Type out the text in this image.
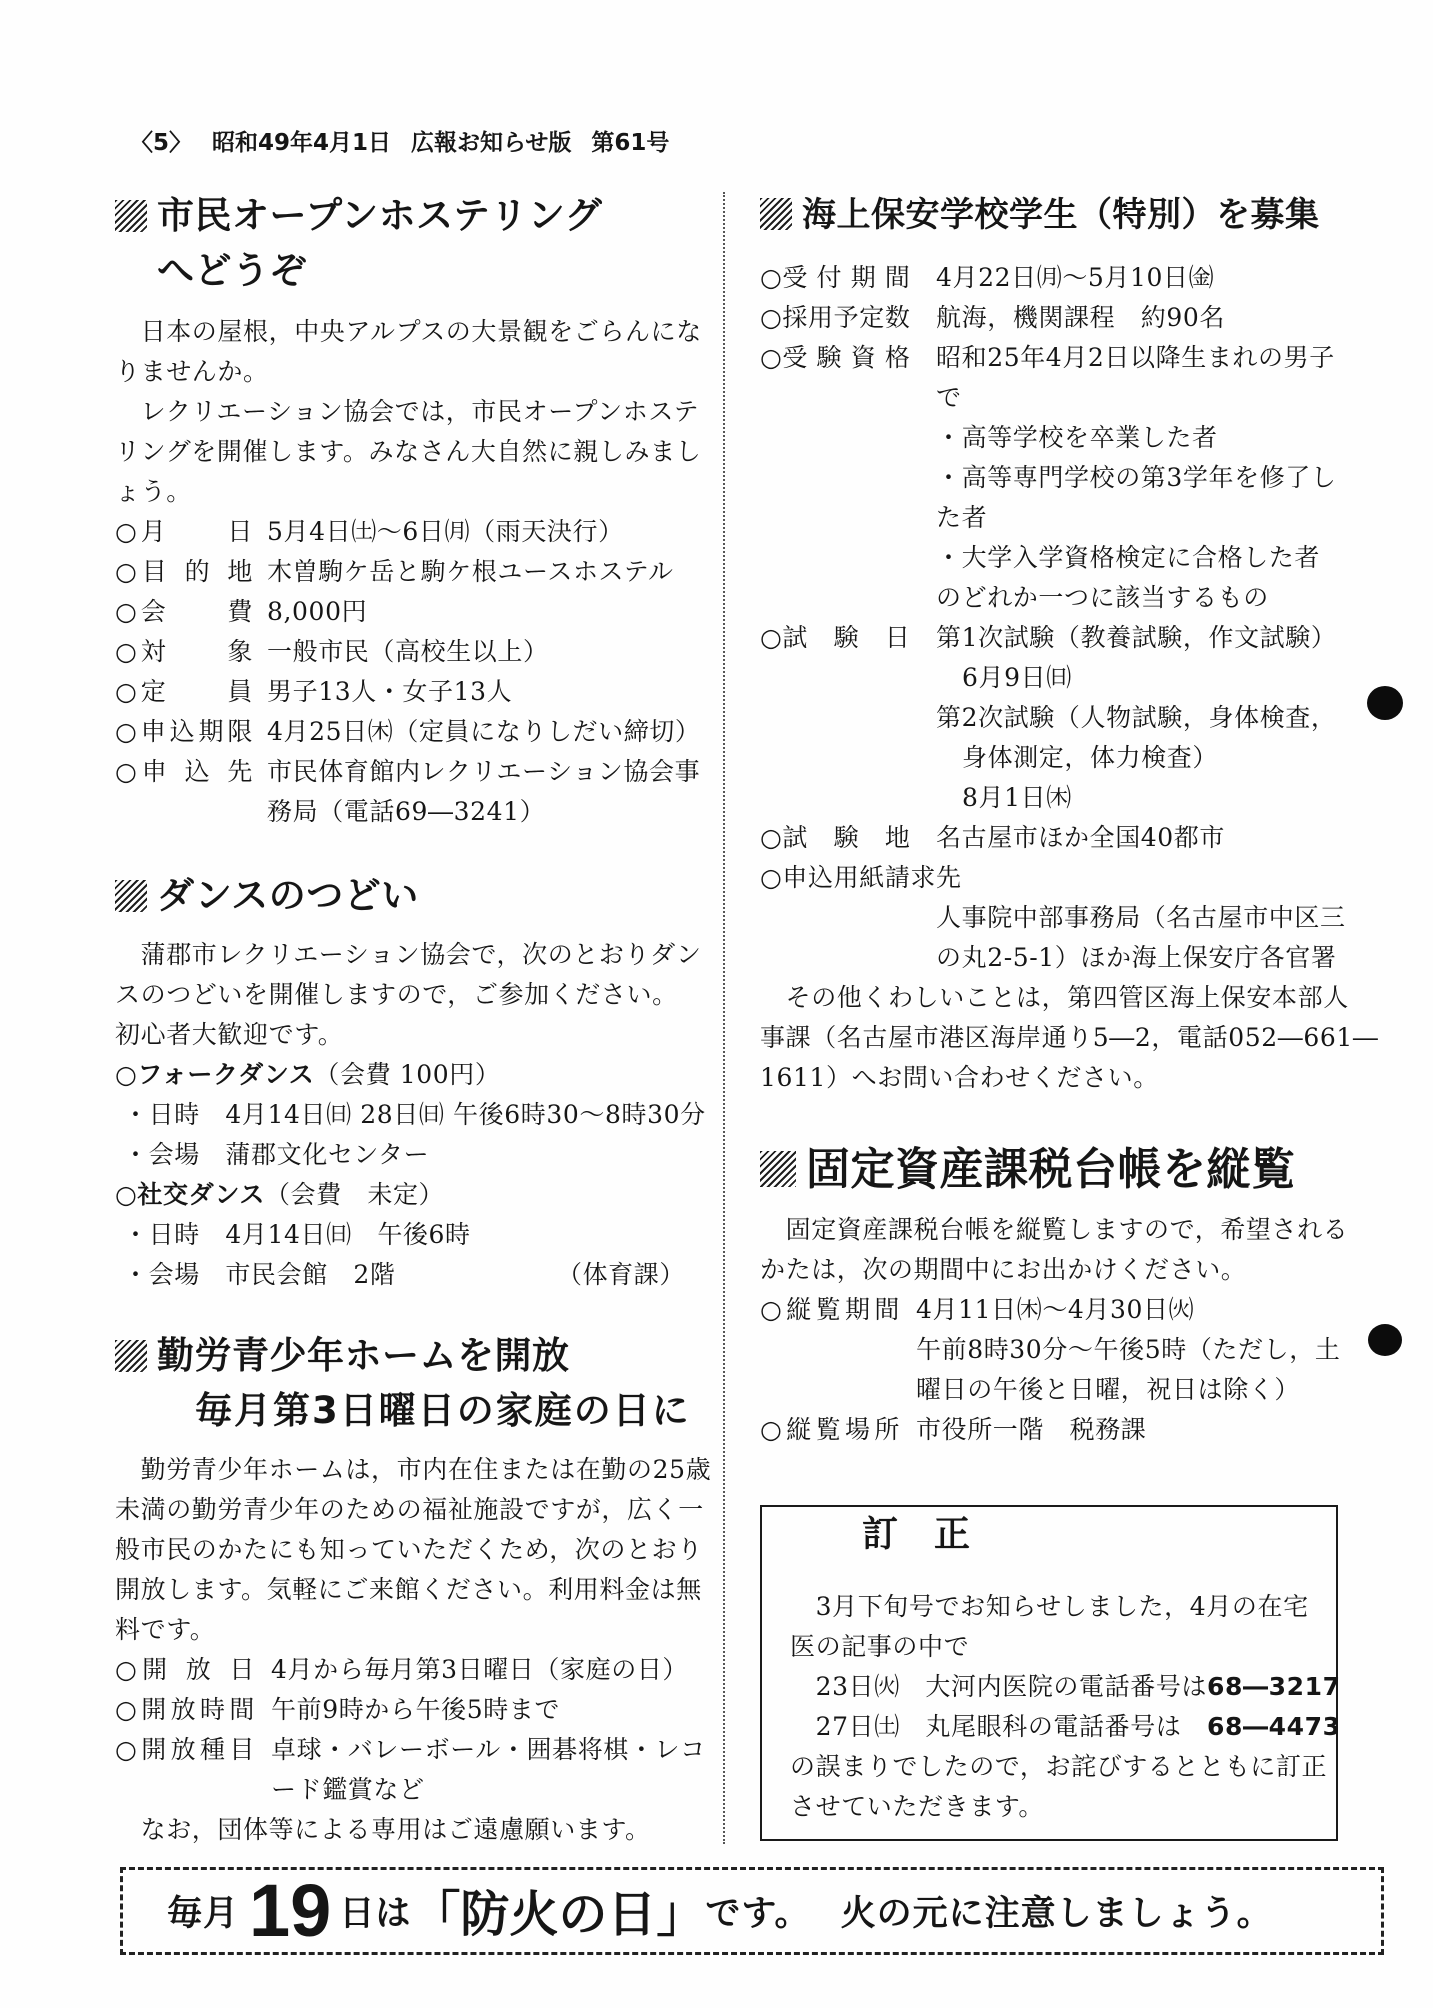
〈5〉 昭和49年4月1日 広報お知らせ版 第61号
市民オープンホステリング
へどうぞ
　日本の屋根，中央アルプスの大景観をごらんにな
りませんか。
　レクリエーション協会では，市民オープンホステ
リングを開催します。みなさん大自然に親しみまし
ょう。
○月　　日 5月4日㈯～6日㈪（雨天決行）
○目 的 地 木曽駒ケ岳と駒ケ根ユースホステル
○会　　費 8,000円
○対　　象 一般市民（高校生以上）
○定　　員 男子13人・女子13人
○申込期限 4月25日㈭（定員になりしだい締切）
○申 込 先 市民体育館内レクリエーション協会事
務局（電話69―3241）
ダンスのつどい
　蒲郡市レクリエーション協会で，次のとおりダン
スのつどいを開催しますので，ご参加ください。
初心者大歓迎です。
○フォークダンス（会費 100円）
・日時　 4月14日㈰ 28日㈰ 午後6時30～8時30分
・会場　 蒲郡文化センター
○社交ダンス（会費　未定）
・日時　 4月14日㈰　午後6時
・会場　 市民会館　2階	（体育課）
勤労青少年ホームを開放
毎月第3日曜日の家庭の日に
　勤労青少年ホームは，市内在住または在勤の25歳
未満の勤労青少年のための福祉施設ですが，広く一
般市民のかたにも知っていただくため，次のとおり
開放します。気軽にご来館ください。利用料金は無
料です。
○開 放 日 4月から毎月第3日曜日（家庭の日）
○開放時間 午前9時から午後5時まで
○開放種目 卓球・バレーボール・囲碁将棋・レコ
ード鑑賞など
　なお，団体等による専用はご遠慮願います。
海上保安学校学生（特別）を募集
○受 付 期 間 4月22日㈪～5月10日㈮
○採用予定数 航海，機関課程　約90名
○受 験 資 格 昭和25年4月2日以降生まれの男子
で
・高等学校を卒業した者
・高等専門学校の第3学年を修了し
た者
・大学入学資格検定に合格した者
のどれか一つに該当するもの
○試　験　日 第1次試験（教養試験，作文試験）
6月9日㈰
第2次試験（人物試験，身体検査，
身体測定，体力検査）
8月1日㈭
○試　験　地 名古屋市ほか全国40都市
○申込用紙請求先
人事院中部事務局（名古屋市中区三
の丸2-5-1）ほか海上保安庁各官署
　その他くわしいことは，第四管区海上保安本部人
事課（名古屋市港区海岸通り5―2，電話052―661―
1611）へお問い合わせください。
固定資産課税台帳を縦覧
　固定資産課税台帳を縦覧しますので，希望される
かたは，次の期間中にお出かけください。
○縦覧期間 4月11日㈭～4月30日㈫
午前8時30分～午後5時（ただし，土
曜日の午後と日曜，祝日は除く）
○縦覧場所 市役所一階　税務課
訂　正
　3月下旬号でお知らせしました，4月の在宅
医の記事の中で
　23日㈫　大河内医院の電話番号は68―3217
　27日㈯　丸尾眼科の電話番号は　68―4473
の誤まりでしたので，お詫びするとともに訂正
させていただきます。
毎月 19 日は 「防火の日」 です。 火の元に注意しましょう。
